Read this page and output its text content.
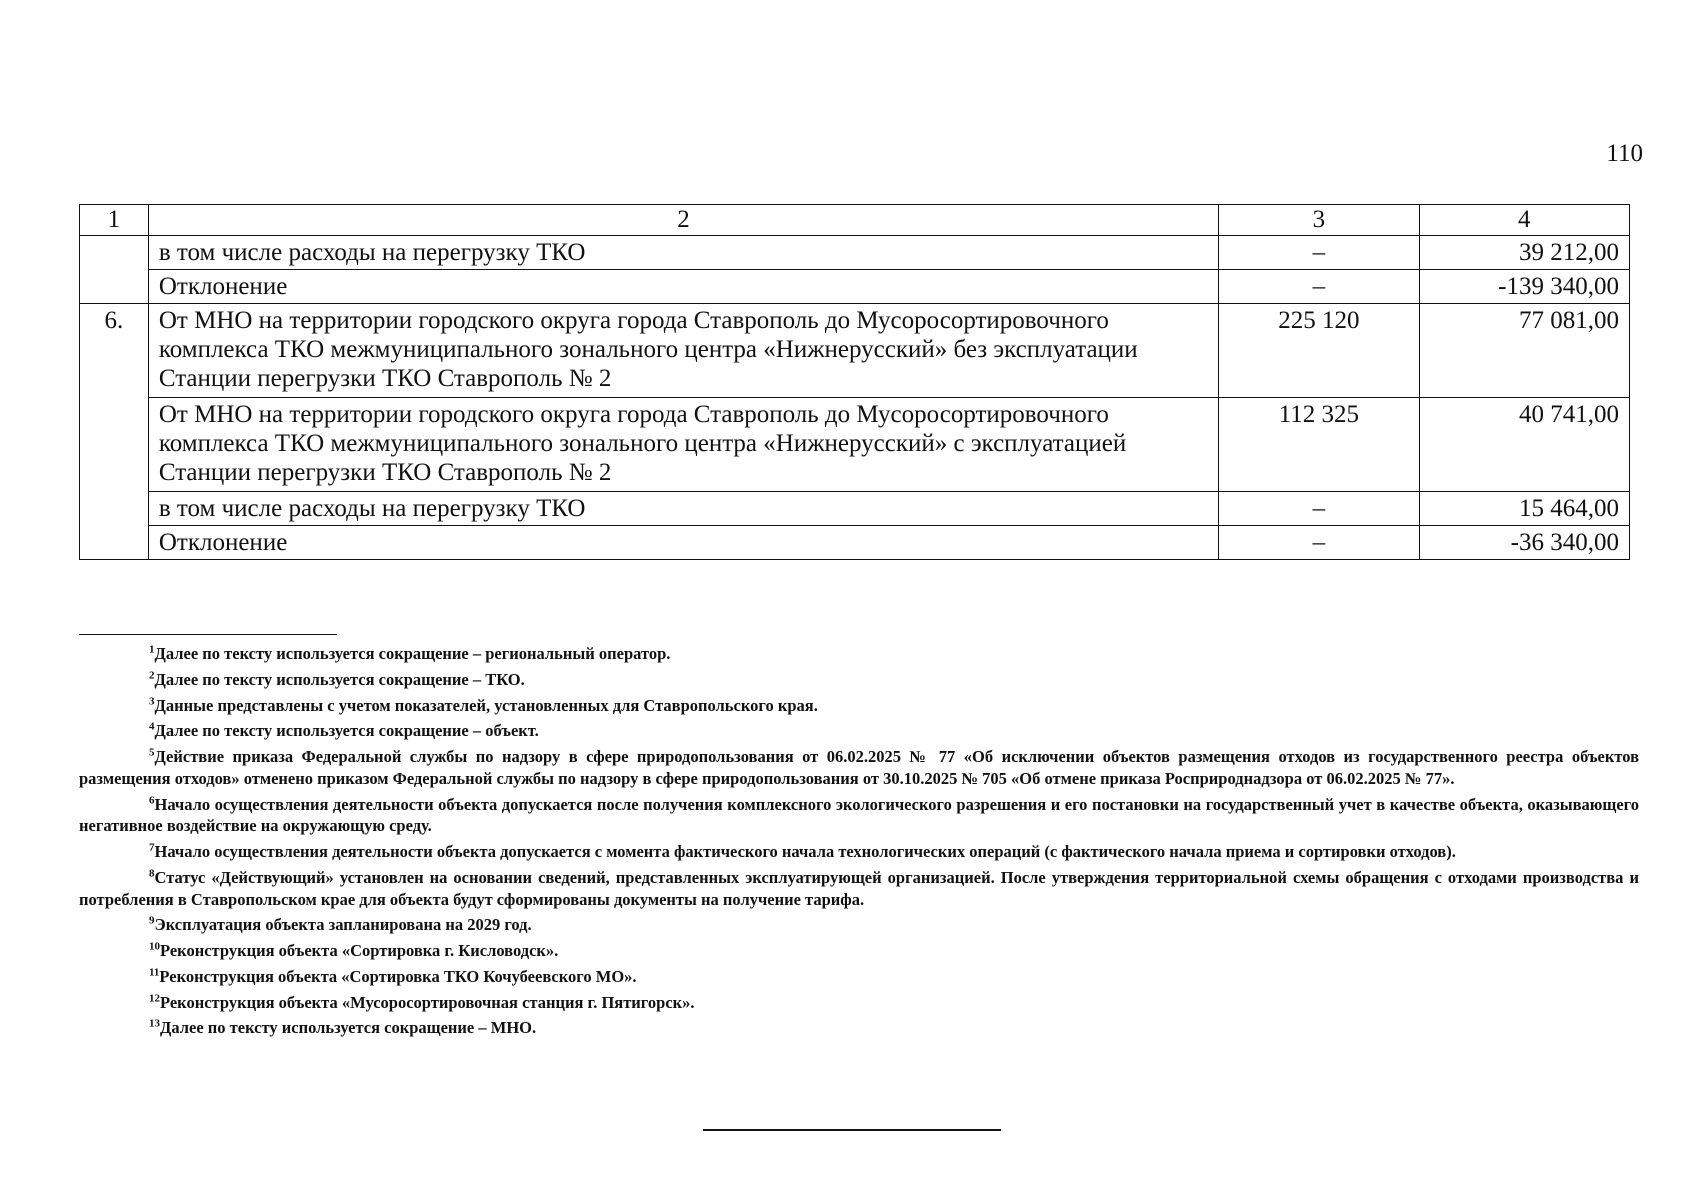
110
1	2	3	4
	в том числе расходы на перегрузку ТКО	–	39 212,00
	Отклонение	–	-139 340,00
6.	От МНО на территории городского округа города Ставрополь до Мусоросортировочного комплекса ТКО межмуниципального зонального центра «Нижнерусский» без эксплуатации Станции перегрузки ТКО Ставрополь № 2	225 120	77 081,00
	От МНО на территории городского округа города Ставрополь до Мусоросортировочного комплекса ТКО межмуниципального зонального центра «Нижнерусский» с эксплуатацией Станции перегрузки ТКО Ставрополь № 2	112 325	40 741,00
	в том числе расходы на перегрузку ТКО	–	15 464,00
	Отклонение	–	-36 340,00

$^1$Далее по тексту используется сокращение – региональный оператор.

$^2$Далее по тексту используется сокращение – ТКО.

$^3$Данные представлены с учетом показателей, установленных для Ставропольского края.

$^4$Далее по тексту используется сокращение – объект.

$^5$Действие приказа Федеральной службы по надзору в сфере природопользования от 06.02.2025 № 77 «Об исключении объектов размещения отходов из государственного реестра объектов размещения отходов» отменено приказом Федеральной службы по надзору в сфере природопользования от 30.10.2025 № 705 «Об отмене приказа Росприроднадзора от 06.02.2025 № 77».

$^6$Начало осуществления деятельности объекта допускается после получения комплексного экологического разрешения и его постановки на государственный учет в качестве объекта, оказывающего негативное воздействие на окружающую среду.

$^7$Начало осуществления деятельности объекта допускается с момента фактического начала технологических операций (с фактического начала приема и сортировки отходов).

$^8$Статус «Действующий» установлен на основании сведений, представленных эксплуатирующей организацией. После утверждения территориальной схемы обращения с отходами производства и потребления в Ставропольском крае для объекта будут сформированы документы на получение тарифа.

$^9$Эксплуатация объекта запланирована на 2029 год.

$^{10}$Реконструкция объекта «Сортировка г. Кисловодск».

$^{11}$Реконструкция объекта «Сортировка ТКО Кочубеевского МО».

$^{12}$Реконструкция объекта «Мусоросортировочная станция г. Пятигорск».

$^{13}$Далее по тексту используется сокращение – МНО.
